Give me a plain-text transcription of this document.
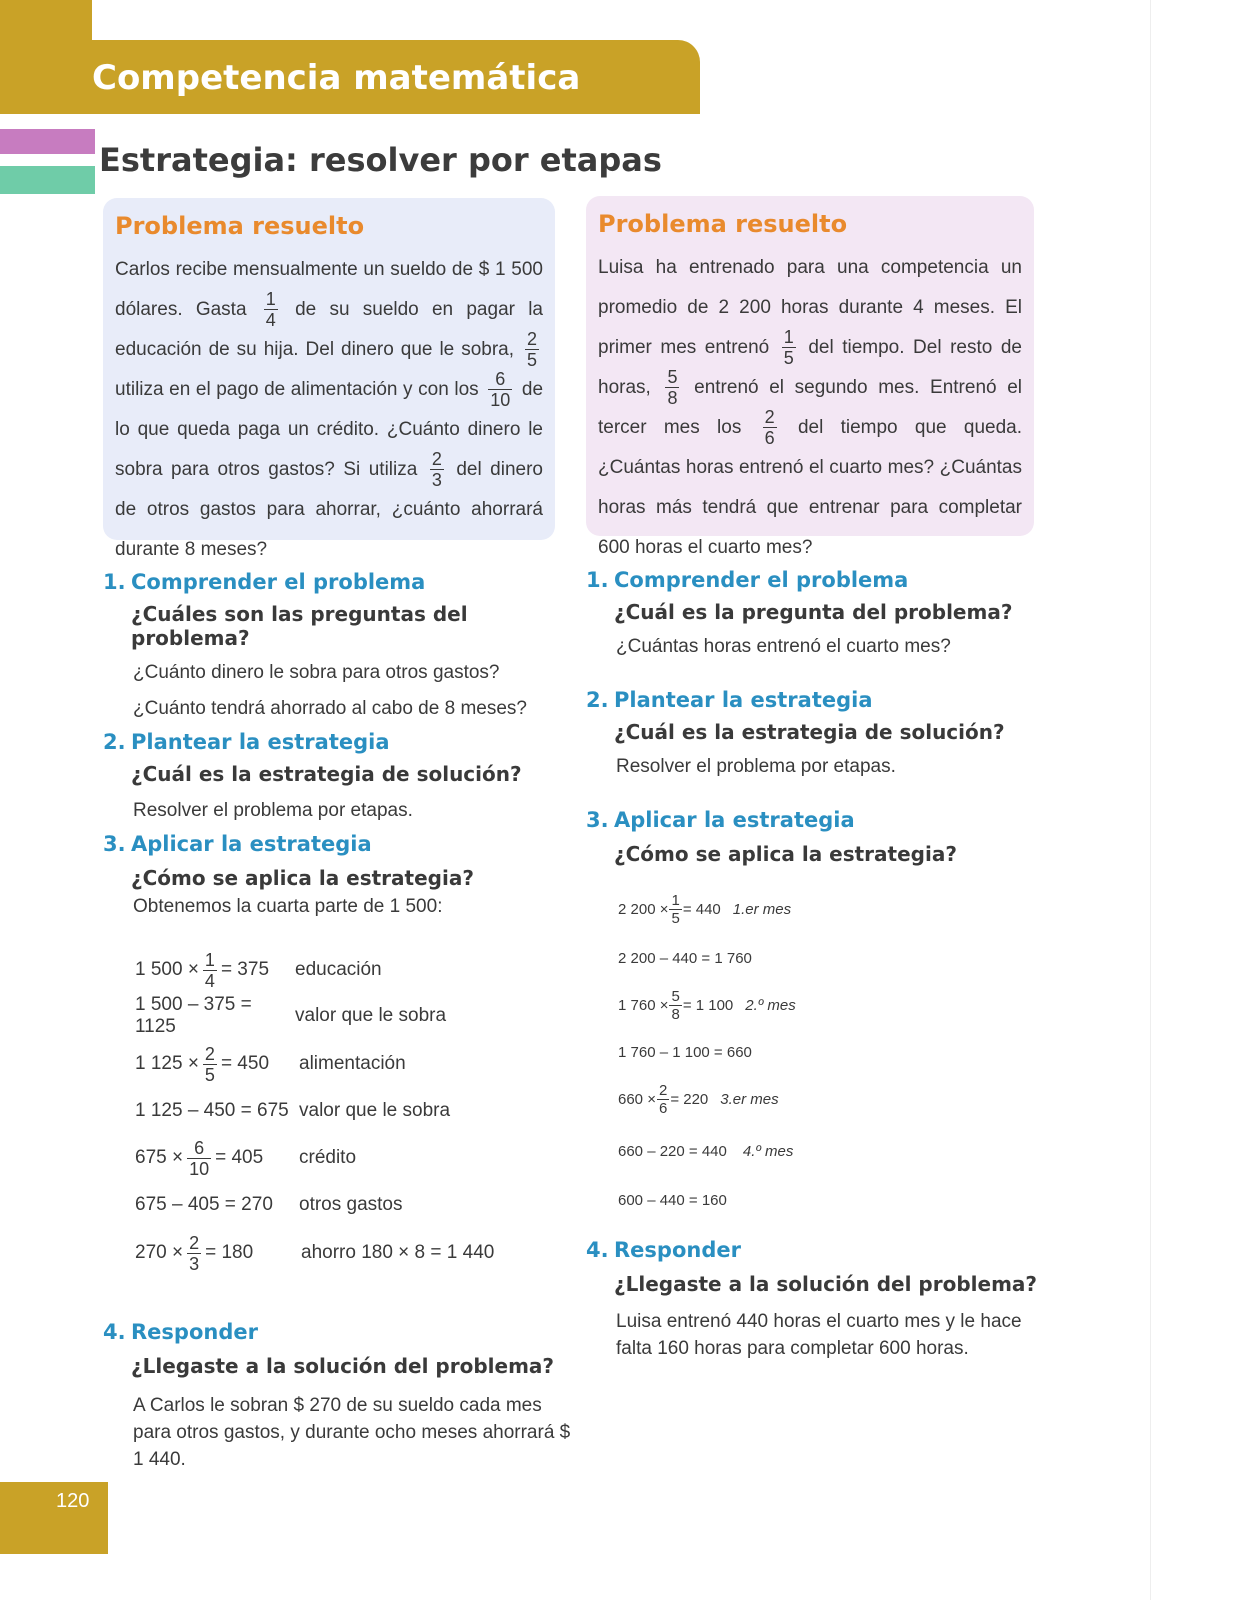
Competencia matemática
Estrategia: resolver por etapas
Problema resuelto
Carlos recibe mensualmente un sueldo de $ 1 500 dólares. Gasta $\frac{1}{4}$ de su sueldo en pagar la educación de su hija. Del dinero que le sobra, $\frac{2}{5}$
utiliza en el pago de alimentación y con los $\frac{6}{10}$ de lo que queda paga un crédito. ¿Cuánto dinero le sobra para otros gastos? Si utiliza $\frac{2}{3}$ del dinero de otros gastos para ahorrar, ¿cuánto ahorrará durante 8 meses?
Problema resuelto
Luisa ha entrenado para una competencia un promedio de 2 200 horas durante 4 meses. El primer mes entrenó $\frac{1}{5}$ del tiempo. Del resto de horas, $\frac{5}{8}$ entrenó el segundo mes. Entrenó el tercer mes los $\frac{2}{6}$ del tiempo que queda. ¿Cuántas horas entrenó el cuarto mes? ¿Cuántas horas más tendrá que entrenar para completar 600 horas el cuarto mes?
1. Comprender el problema
¿Cuáles son las preguntas del problema?
¿Cuánto dinero le sobra para otros gastos?
¿Cuánto tendrá ahorrado al cabo de 8 meses?
2. Plantear la estrategia
¿Cuál es la estrategia de solución?
Resolver el problema por etapas.
3. Aplicar la estrategia
¿Cómo se aplica la estrategia?
Obtenemos la cuarta parte de 1 500:
1 $500 \times \frac{1}{4} = 375$ educación
1 500 – 375 = 1125
valor que le sobra
1 $125 \times \frac{2}{5} = 450$ alimentación
1 125 – 450 = 675 valor que le sobra
$675 \times \frac{6}{10} = 405$ crédito
675 – 405 = 270	otros gastos
$270 \times \frac{2}{3} = 180$	ahorro 180 × 8 = 1 440
4. Responder
¿Llegaste a la solución del problema?
A Carlos le sobran $ 270 de su sueldo cada mes para otros gastos, y durante ocho meses ahorrará $ 1 440.
1. Comprender el problema
¿Cuál es la pregunta del problema?
¿Cuántas horas entrenó el cuarto mes?
2. Plantear la estrategia
¿Cuál es la estrategia de solución?
Resolver el problema por etapas.
3. Aplicar la estrategia
¿Cómo se aplica la estrategia?
2 $200 \times \frac{1}{5} = 440$ 1.er mes
2 200 – 440 = 1 760
1 $760 \times \frac{5}{8} = 1$ 100 2.º mes
1 760 – 1 100 = 660
$660 \times \frac{2}{6} = 220$ 3.er mes
660 – 220 = 440 4.º mes
600 – 440 = 160
4. Responder
¿Llegaste a la solución del problema?
Luisa entrenó 440 horas el cuarto mes y le hace falta 160 horas para completar 600 horas.
120
